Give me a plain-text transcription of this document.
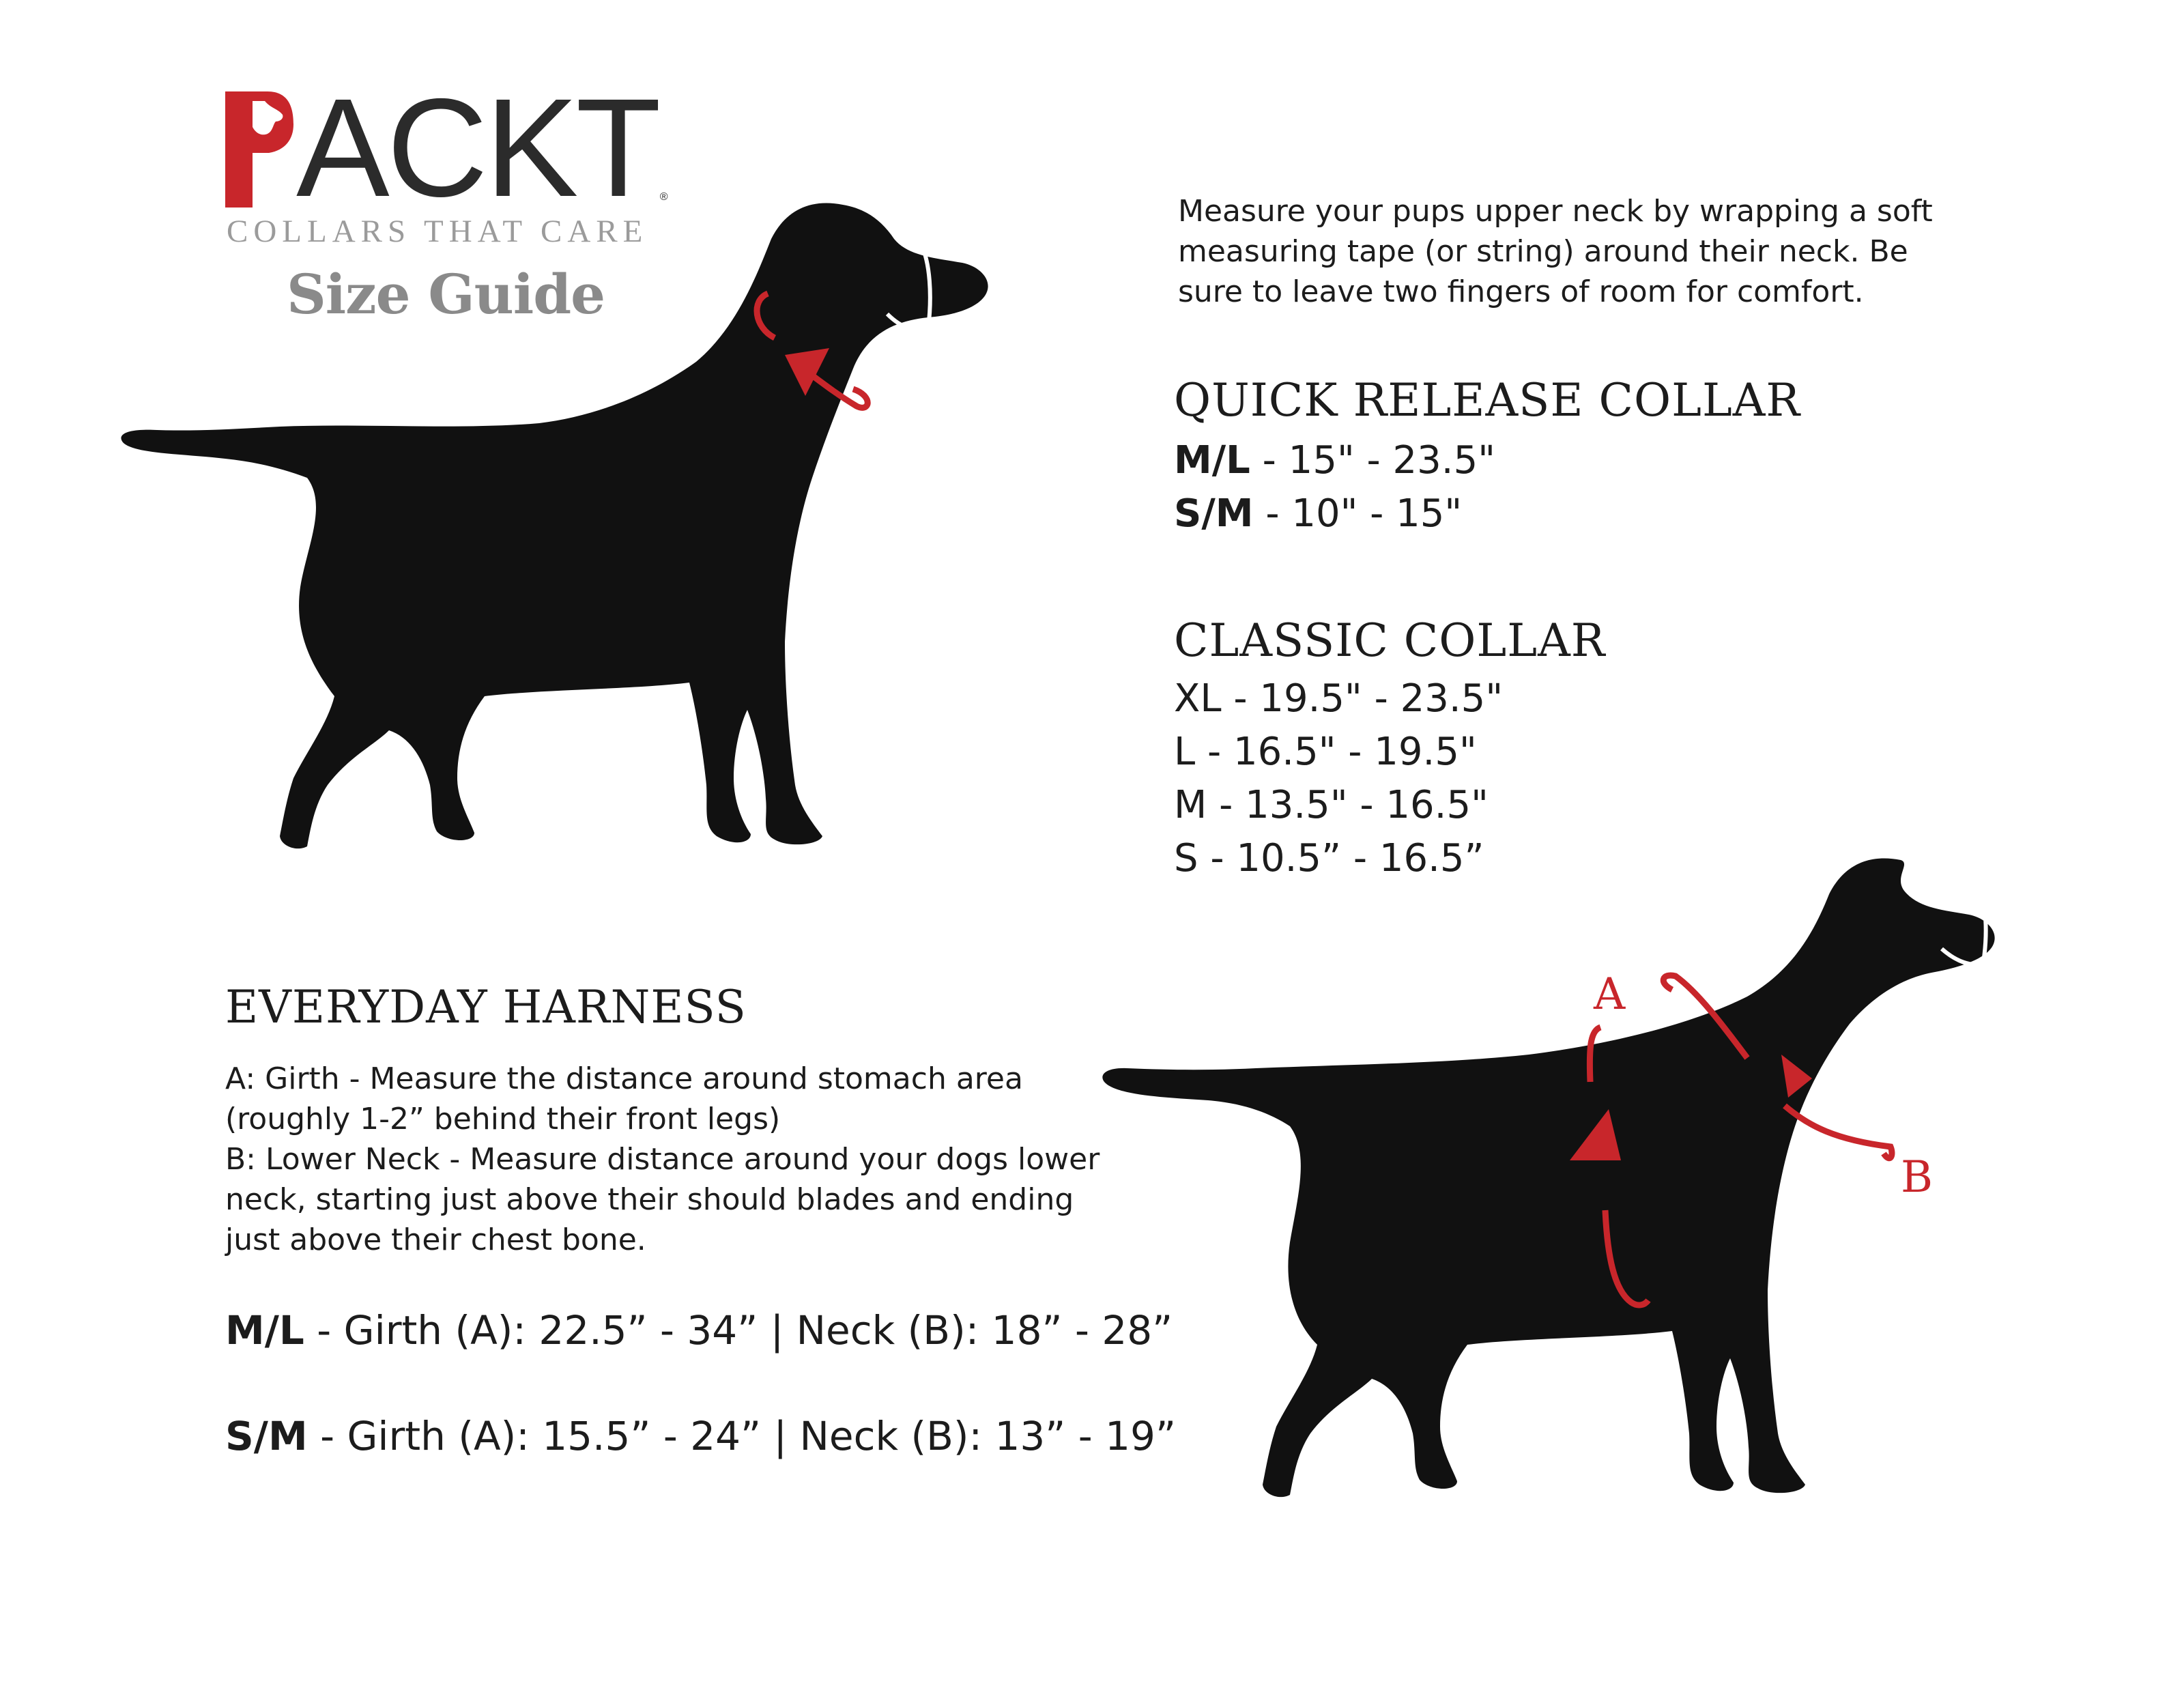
ACKT ®
COLLARS THAT CARE
Size Guide
Measure your pups upper neck by wrapping a soft measuring tape (or string) around their neck. Be sure to leave two fingers of room for comfort.
QUICK RELEASE COLLAR
M/L - 15" - 23.5"
S/M - 10" - 15"
CLASSIC COLLAR
XL - 19.5" - 23.5"
L - 16.5" - 19.5"
M - 13.5" - 16.5"
S - 10.5” - 16.5”
EVERYDAY HARNESS
A: Girth - Measure the distance around stomach area
(roughly 1-2” behind their front legs)
B: Lower Neck - Measure distance around your dogs lower
neck, starting just above their should blades and ending
just above their chest bone.
M/L - Girth (A): 22.5” - 34” | Neck (B): 18” - 28”
S/M - Girth (A): 15.5” - 24” | Neck (B): 13” - 19”
A
B
